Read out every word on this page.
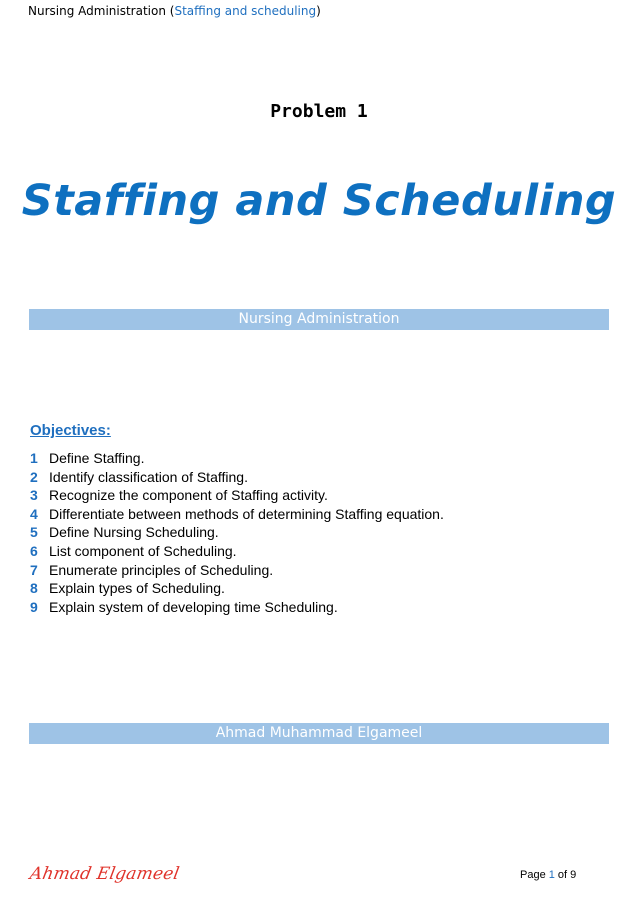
Nursing Administration (Staffing and scheduling)
Problem 1
Staffing and Scheduling
Nursing Administration
Objectives:
1 Define Staffing.
2 Identify classification of Staffing.
3 Recognize the component of Staffing activity.
4 Differentiate between methods of determining Staffing equation.
5 Define Nursing Scheduling.
6 List component of Scheduling.
7 Enumerate principles of Scheduling.
8 Explain types of Scheduling.
9 Explain system of developing time Scheduling.
Ahmad Muhammad Elgameel
Ahmad Elgameel	Page 1 of 9
